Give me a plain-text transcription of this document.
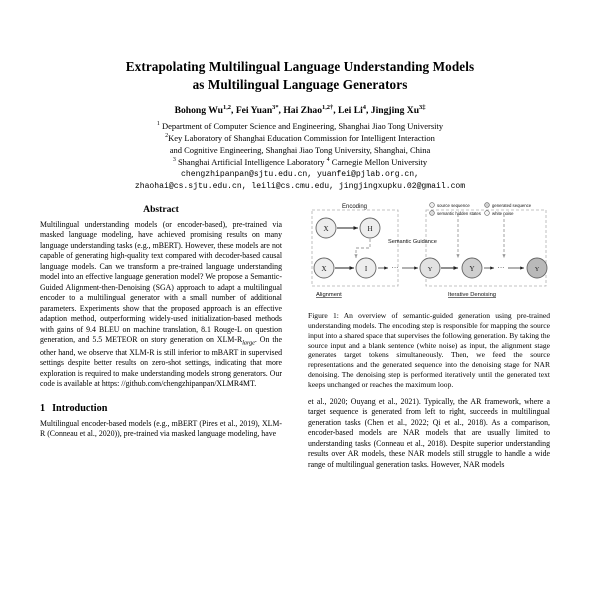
Extrapolating Multilingual Language Understanding Models
as Multilingual Language Generators
Bohong Wu$^{1,2}$, Fei Yuan$^{3*}$, Hai Zhao$^{1,2\dagger}$, Lei Li$^4$, Jingjing $Xu^{3\ddagger}$
$^1$ Department of Computer Science and Engineering, Shanghai Jiao Tong University
$^2$Key Laboratory of Shanghai Education Commission for Intelligent Interaction
and Cognitive Engineering, Shanghai Jiao Tong University, Shanghai, China
$^3$ Shanghai Artificial Intelligence Laboratory $^4$ Carnegie Mellon University
chengzhipanpan@sjtu.edu.cn, yuanfei@pjlab.org.cn,
zhaohai@cs.sjtu.edu.cn, leili@cs.cmu.edu, jingjingxupku.02@gmail.com
Abstract

Multilingual understanding models (or encoder-based), pre-trained via masked language modeling, have achieved promising results on many language understanding tasks (e.g., mBERT). However, these models are not capable of generating high-quality text compared with decoder-based causal language models. Can we transform a pre-trained language understanding model into an effective language generation model? We propose a Semantic-Guided Alignment-then-Denoising (SGA) approach to adapt a multilingual encoder to a multilingual generator with a small number of additional parameters. Experiments show that the proposed approach is an effective adaption method, outperforming widely-used initialization-based methods with gains of 9.4 BLEU on machine translation, 8.1 Rouge-L on question generation, and 5.5 METEOR on story generation on XLM-$R_{large}$. On the other hand, we observe that XLM-R is still inferior to mBART in supervised settings despite better results on zero-shot settings, indicating that more exploration is required to make understanding models strong generators. Our code is available at https: //github.com/chengzhipanpan/XLMR4MT.

1 Introduction

Multilingual encoder-based models (e.g., mBERT (Pires et al., 2019), XLM-R (Conneau et al., 2020)), pre-trained via masked language modeling, have

Encoding
X	H
Semantic Guidance
X	I	···	Y	Y	···	Y
Alignment	Iterative Denoising
source sequence	generated sequence
semantic hidden states	white noise
Figure 1: An overview of semantic-guided generation using pre-trained understanding models. The encoding step is responsible for mapping the source input into a shared space that supervises the following generation. By taking the source input and a blank sentence (white noise) as input, the alignment stage generates target tokens simultaneously. Then, we feed the source representations and the generated sequence into the denoising stage for NAR denoising. The denoising step is performed iteratively until the generated text keeps unchanged or reaches the maximum loop.

et al., 2020; Ouyang et al., 2021). Typically, the AR framework, where a target sequence is generated from left to right, succeeds in multilingual generation tasks (Chen et al., 2022; Qi et al., 2018). As a comparison, encoder-based models are NAR models that are usually limited to understanding tasks (Conneau et al., 2018). Despite superior understanding results over AR models, these NAR models still struggle to handle a wide range of multilingual generation tasks. However, NAR models
